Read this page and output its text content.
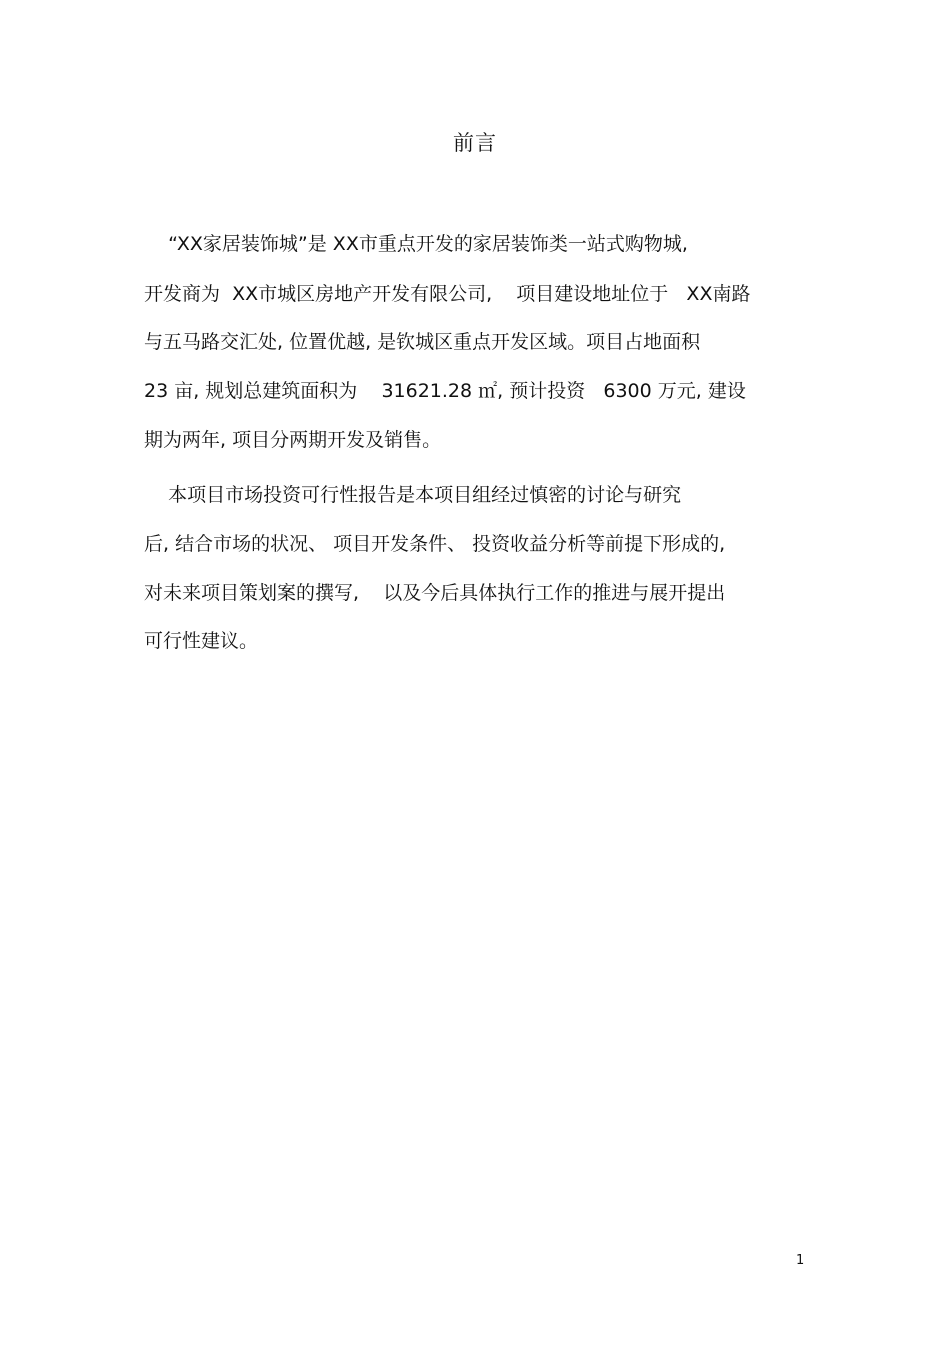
前言
“XX家居装饰城”是 XX市重点开发的家居装饰类一站式购物城,
开发商为  XX市城区房地产开发有限公司,    项目建设地址位于   XX南路
与五马路交汇处, 位置优越, 是钦城区重点开发区域。项目占地面积
23 亩, 规划总建筑面积为    31621.28 ㎡, 预计投资   6300 万元, 建设
期为两年, 项目分两期开发及销售。
本项目市场投资可行性报告是本项目组经过慎密的讨论与研究
后, 结合市场的状况、 项目开发条件、 投资收益分析等前提下形成的,
对未来项目策划案的撰写,    以及今后具体执行工作的推进与展开提出
可行性建议。
1
